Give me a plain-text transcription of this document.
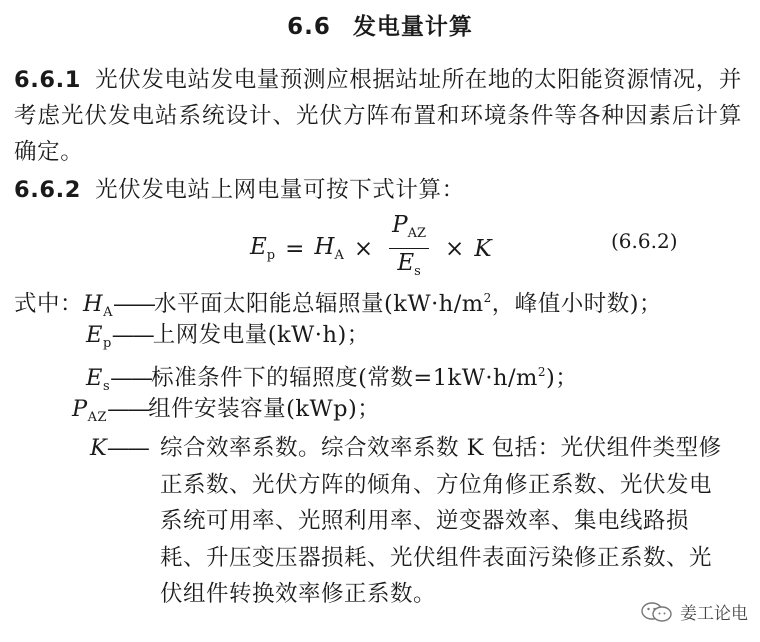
6.6 发电量计算
6.6.1 光伏发电站发电量预测应根据站址所在地的太阳能资源情况，并考虑光伏发电站系统设计、光伏方阵布置和环境条件等各种因素后计算确定。
6.6.2 光伏发电站上网电量可按下式计算：
$E_p = H_A \times \frac{P_{AZ}}{E_s} \times K$	(6.6.2)
式中：$H_A——$水平面太阳能总辐照量($kW\cdot h/m^2$，峰值小时数)；
$E_p——$上网发电量(kW·h)；
$E_s——$标准条件下的辐照度(常数$=1kW\cdot h/m^2$)；
$P_{AZ}——$组件安装容量(kWp)；
K—— 综合效率系数。综合效率系数 K 包括：光伏组件类型修正系数、光伏方阵的倾角、方位角修正系数、光伏发电系统可用率、光照利用率、逆变器效率、集电线路损耗、升压变压器损耗、光伏组件表面污染修正系数、光伏组件转换效率修正系数。
姜工论电
